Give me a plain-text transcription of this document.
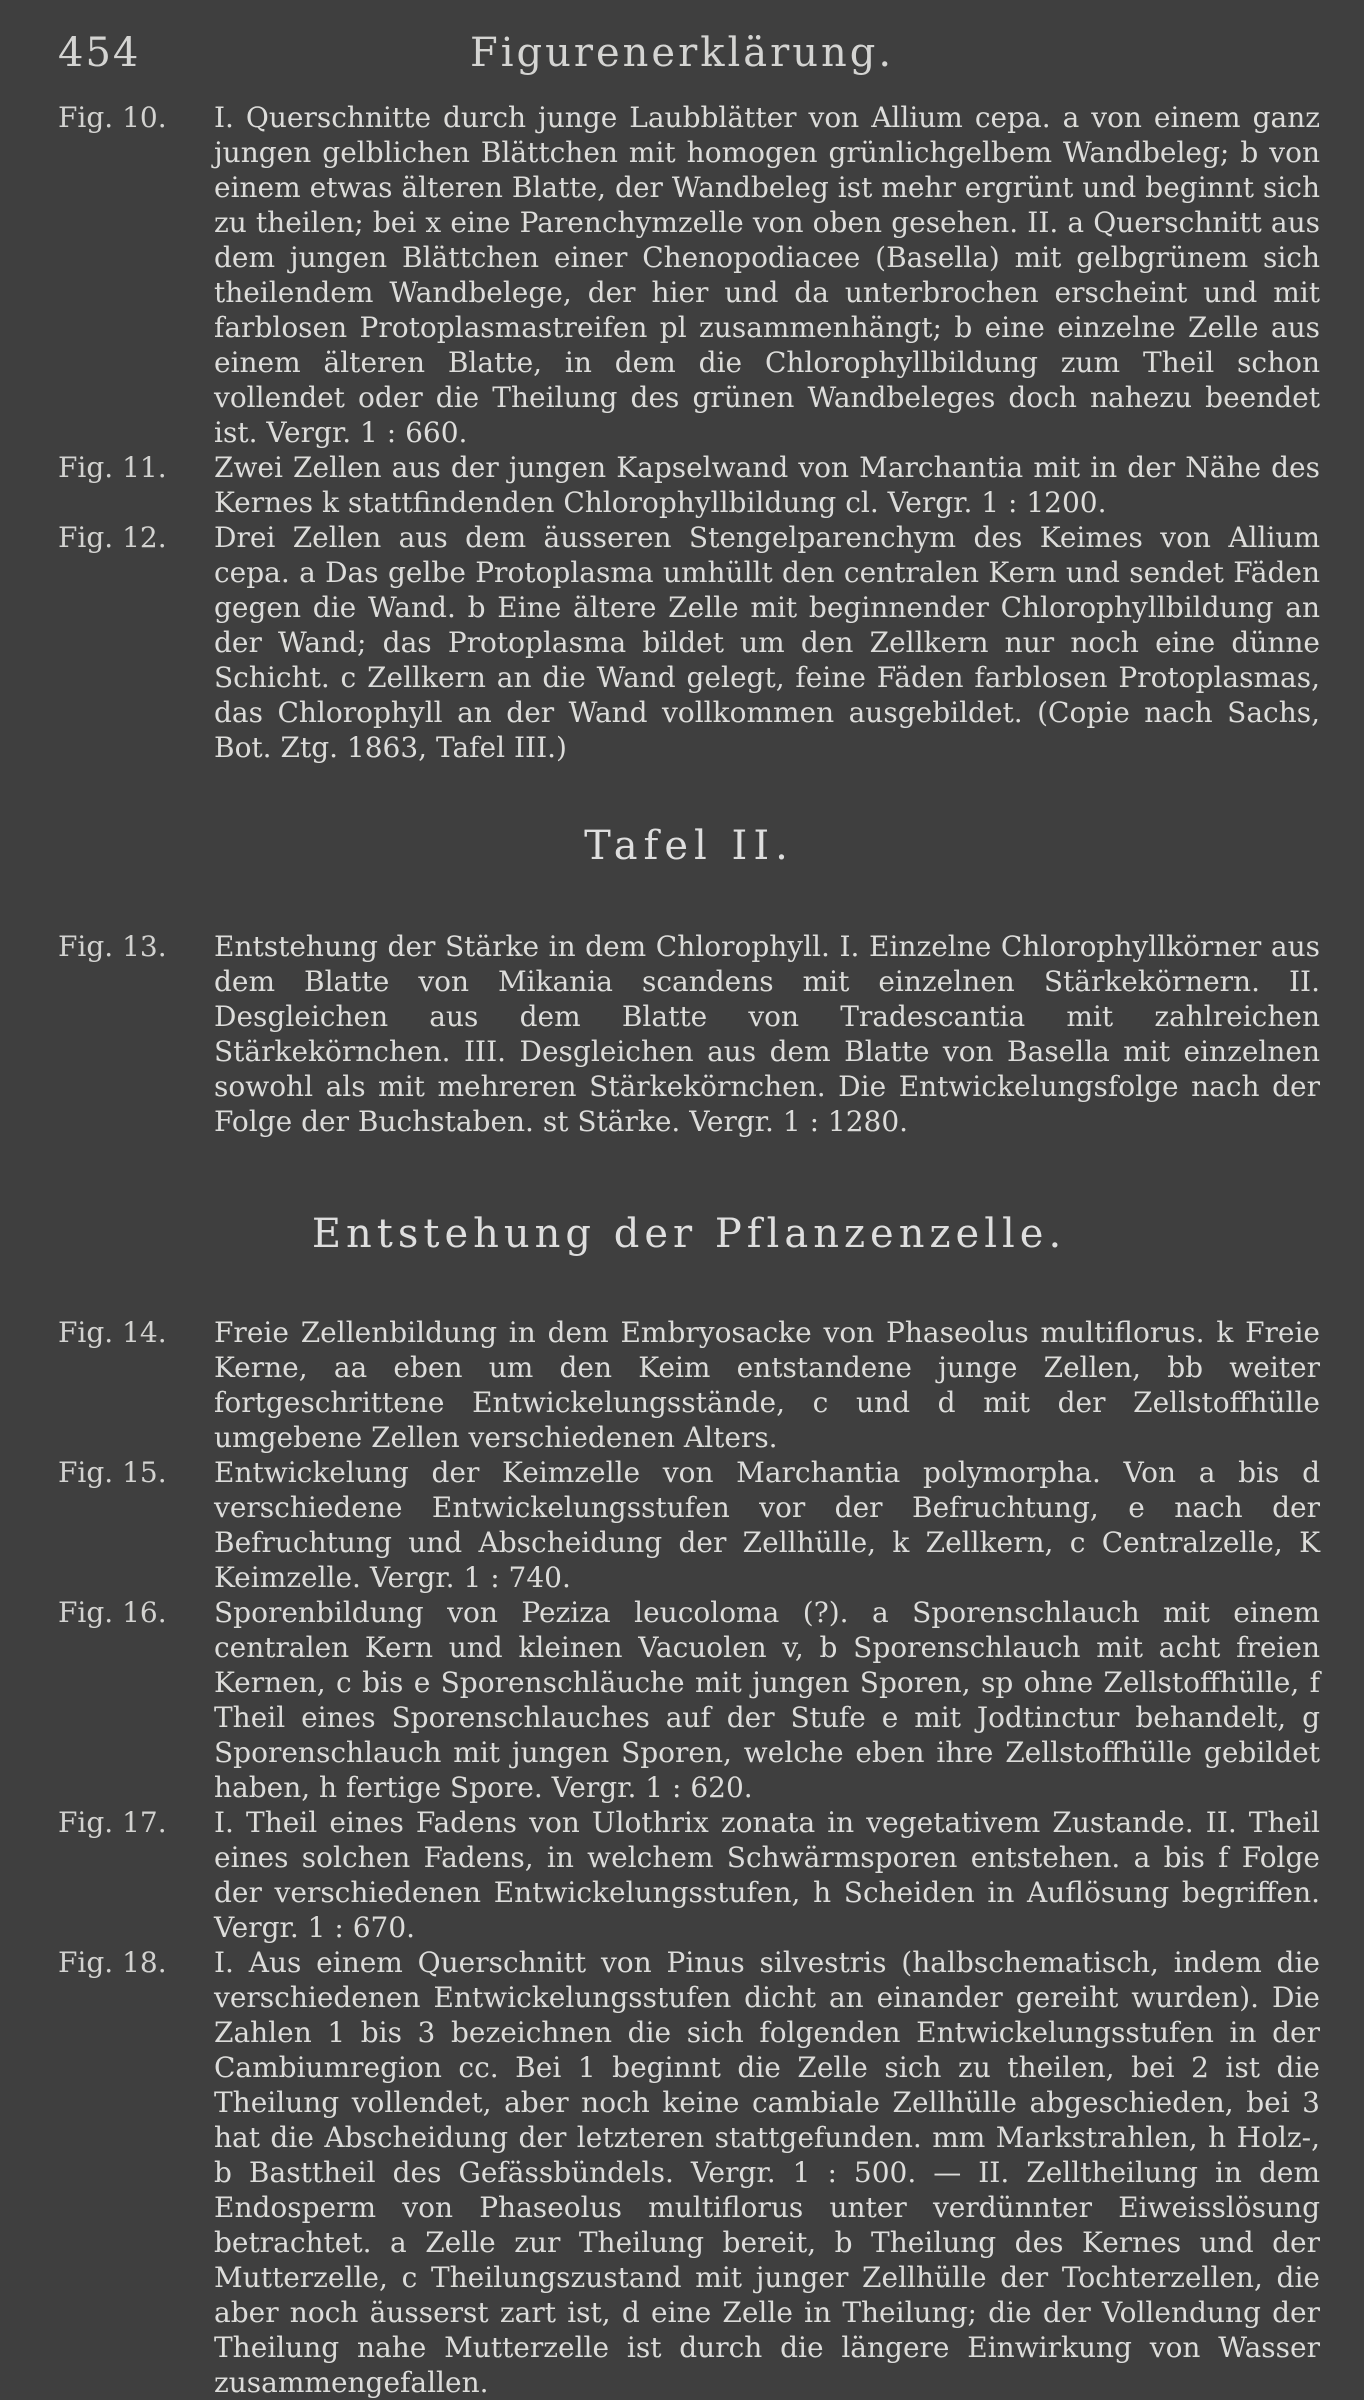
454	Figurenerklärung.
Fig. 10.	I. Querschnitte durch junge Laubblätter von Allium cepa. a von einem ganz jungen gelblichen Blättchen mit homogen grünlichgelbem Wandbeleg; b von einem etwas älteren Blatte, der Wandbeleg ist mehr ergrünt und beginnt sich zu theilen; bei x eine Parenchymzelle von oben gesehen. II. a Querschnitt aus dem jungen Blättchen einer Chenopodiacee (Basella) mit gelbgrünem sich theilendem Wandbelege, der hier und da unterbrochen erscheint und mit farblosen Protoplasmastreifen pl zusammenhängt; b eine einzelne Zelle aus einem älteren Blatte, in dem die Chlorophyllbildung zum Theil schon vollendet oder die Theilung des grünen Wandbeleges doch nahezu beendet ist. Vergr. 1 : 660.
Fig. 11.	Zwei Zellen aus der jungen Kapselwand von Marchantia mit in der Nähe des Kernes k stattfindenden Chlorophyllbildung cl. Vergr. 1 : 1200.
Fig. 12.	Drei Zellen aus dem äusseren Stengelparenchym des Keimes von Allium cepa. a Das gelbe Protoplasma umhüllt den centralen Kern und sendet Fäden gegen die Wand. b Eine ältere Zelle mit beginnender Chlorophyllbildung an der Wand; das Protoplasma bildet um den Zellkern nur noch eine dünne Schicht. c Zellkern an die Wand gelegt, feine Fäden farblosen Protoplasmas, das Chlorophyll an der Wand vollkommen ausgebildet. (Copie nach Sachs, Bot. Ztg. 1863, Tafel III.)
Tafel II.
Fig. 13.	Entstehung der Stärke in dem Chlorophyll. I. Einzelne Chlorophyllkörner aus dem Blatte von Mikania scandens mit einzelnen Stärkekörnern. II. Desgleichen aus dem Blatte von Tradescantia mit zahlreichen Stärkekörnchen. III. Desgleichen aus dem Blatte von Basella mit einzelnen sowohl als mit mehreren Stärkekörnchen. Die Entwickelungsfolge nach der Folge der Buchstaben. st Stärke. Vergr. 1 : 1280.
Entstehung der Pflanzenzelle.
Fig. 14.	Freie Zellenbildung in dem Embryosacke von Phaseolus multiflorus. k Freie Kerne, aa eben um den Keim entstandene junge Zellen, bb weiter fortgeschrittene Entwickelungsstände, c und d mit der Zellstoffhülle umgebene Zellen verschiedenen Alters.
Fig. 15.	Entwickelung der Keimzelle von Marchantia polymorpha. Von a bis d verschiedene Entwickelungsstufen vor der Befruchtung, e nach der Befruchtung und Abscheidung der Zellhülle, k Zellkern, c Centralzelle, K Keimzelle. Vergr. 1 : 740.
Fig. 16.	Sporenbildung von Peziza leucoloma (?). a Sporenschlauch mit einem centralen Kern und kleinen Vacuolen v, b Sporenschlauch mit acht freien Kernen, c bis e Sporenschläuche mit jungen Sporen, sp ohne Zellstoffhülle, f Theil eines Sporenschlauches auf der Stufe e mit Jodtinctur behandelt, g Sporenschlauch mit jungen Sporen, welche eben ihre Zellstoffhülle gebildet haben, h fertige Spore. Vergr. 1 : 620.
Fig. 17.	I. Theil eines Fadens von Ulothrix zonata in vegetativem Zustande. II. Theil eines solchen Fadens, in welchem Schwärmsporen entstehen. a bis f Folge der verschiedenen Entwickelungsstufen, h Scheiden in Auflösung begriffen. Vergr. 1 : 670.
Fig. 18.	I. Aus einem Querschnitt von Pinus silvestris (halbschematisch, indem die verschiedenen Entwickelungsstufen dicht an einander gereiht wurden). Die Zahlen 1 bis 3 bezeichnen die sich folgenden Entwickelungsstufen in der Cambiumregion cc. Bei 1 beginnt die Zelle sich zu theilen, bei 2 ist die Theilung vollendet, aber noch keine cambiale Zellhülle abgeschieden, bei 3 hat die Abscheidung der letzteren stattgefunden. mm Markstrahlen, h Holz-, b Basttheil des Gefässbündels. Vergr. 1 : 500. — II. Zelltheilung in dem Endosperm von Phaseolus multiflorus unter verdünnter Eiweisslösung betrachtet. a Zelle zur Theilung bereit, b Theilung des Kernes und der Mutterzelle, c Theilungszustand mit junger Zellhülle der Tochterzellen, die aber noch äusserst zart ist, d eine Zelle in Theilung; die der Vollendung der Theilung nahe Mutterzelle ist durch die längere Einwirkung von Wasser zusammengefallen.
